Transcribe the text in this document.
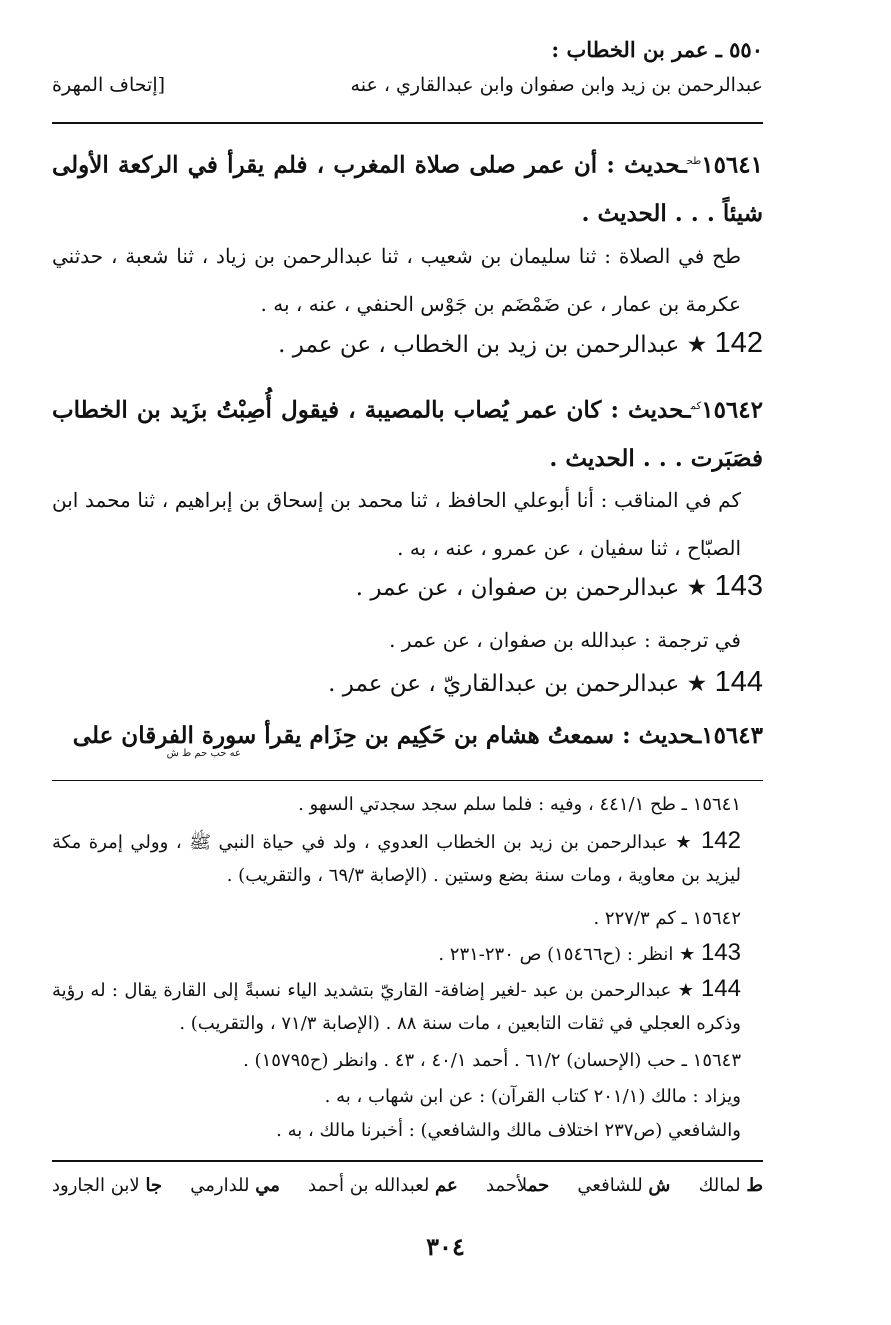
٥٥٠ ـ عمر بن الخطاب :
عبدالرحمن بن زيد وابن صفوان وابن عبدالقاري ، عنه
[إتحاف المهرة
$١٥٦٤١^{طح}ـحديث$ : أن عمر صلى صلاة المغرب ، فلم يقرأ في الركعة الأولى شيئاً . . . الحديث .
طح في الصلاة : ثنا سليمان بن شعيب ، ثنا عبدالرحمن بن زياد ، ثنا شعبة ، حدثني عكرمة بن عمار ، عن ضَمْضَم بن جَوْس الحنفي ، عنه ، به .
142 ★ عبدالرحمن بن زيد بن الخطاب ، عن عمر .
$١٥٦٤٢^{كم}ـحديث$ : كان عمر يُصاب بالمصيبة ، فيقول أُصِبْتُ بزَيد بن الخطاب فصَبَرت . . . الحديث .
كم في المناقب : أنا أبوعلي الحافظ ، ثنا محمد بن إسحاق بن إبراهيم ، ثنا محمد ابن الصبّاح ، ثنا سفيان ، عن عمرو ، عنه ، به .
143 ★ عبدالرحمن بن صفوان ، عن عمر .
في ترجمة : عبدالله بن صفوان ، عن عمر .
144 ★ عبدالرحمن بن عبدالقاريّ ، عن عمر .
١٥٦٤٣ـحديث : سمعتُ هشام بن حَكِيم بن حِزَام يقرأ سورة الفرقان على
عه حب حم ط ش
١٥٦٤١ ـ طح ٤٤١/١ ، وفيه : فلما سلم سجد سجدتي السهو .
142 ★ عبدالرحمن بن زيد بن الخطاب العدوي ، ولد في حياة النبي ﷺ ، وولي إمرة مكة ليزيد بن معاوية ، ومات سنة بضع وستين . (الإصابة ٦٩/٣ ، والتقريب) .
١٥٦٤٢ ـ كم ٢٢٧/٣ .
143 ★ انظر : (ح١٥٤٦٦) ص ٢٣٠-٢٣١ .
144 ★ عبدالرحمن بن عبد -لغير إضافة- القاريّ بتشديد الياء نسبةً إلى القارة يقال : له رؤية وذكره العجلي في ثقات التابعين ، مات سنة ٨٨ . (الإصابة ٧١/٣ ، والتقريب) .
١٥٦٤٣ ـ حب (الإحسان) ٦١/٢ . أحمد ٤٠/١ ، ٤٣ . وانظر (ح١٥٧٩٥) .
ويزاد : مالك (٢٠١/١ كتاب القرآن) : عن ابن شهاب ، به .
والشافعي (ص٢٣٧ اختلاف مالك والشافعي) : أخبرنا مالك ، به .
ط لمالك
ش للشافعي
حملأحمد
عم لعبدالله بن أحمد
مي للدارمي
جا لابن الجارود
٣٠٤
